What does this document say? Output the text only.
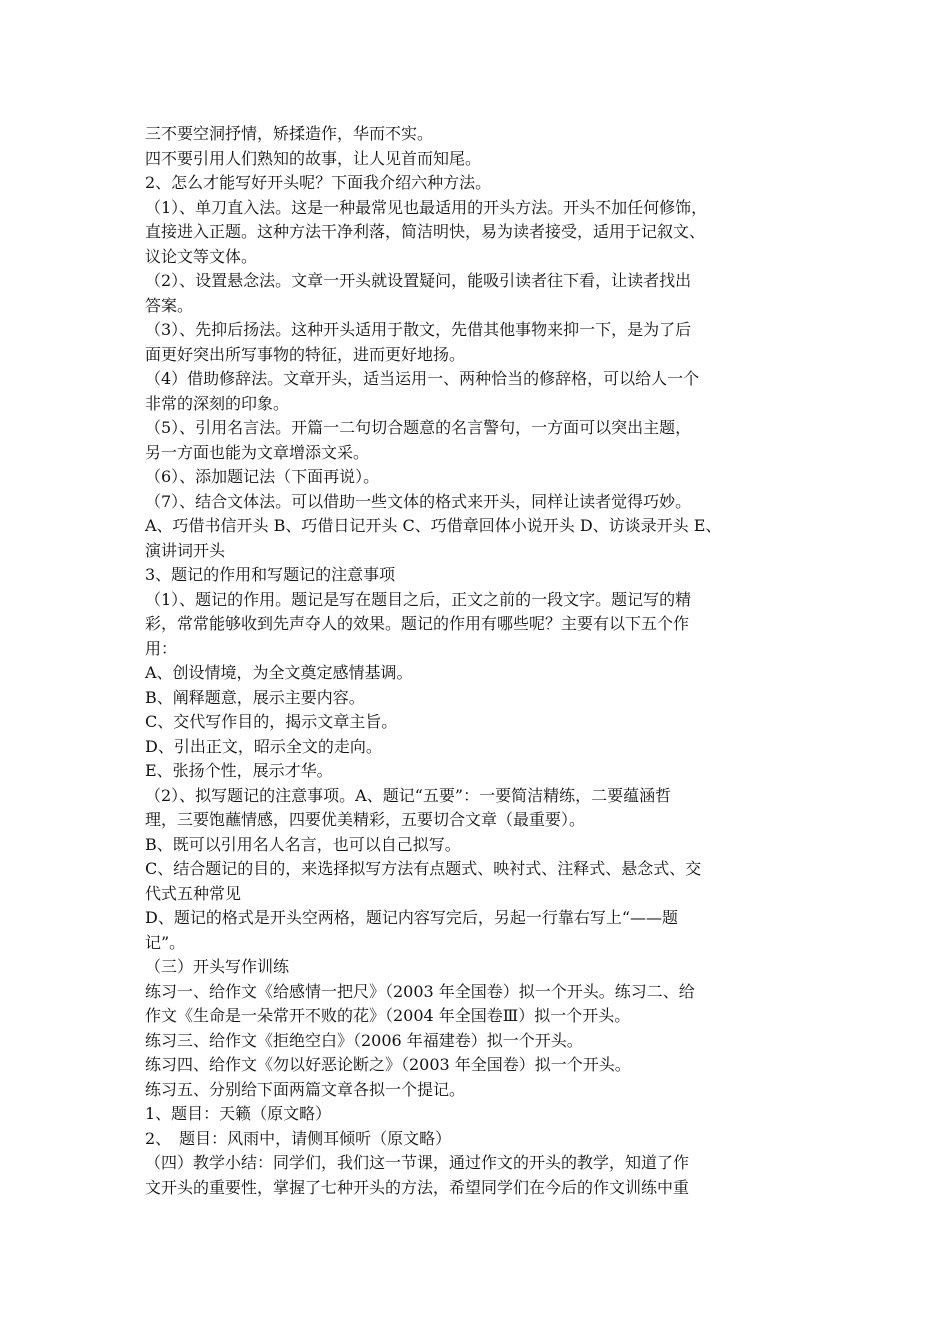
三不要空洞抒情，矫揉造作，华而不实。
四不要引用人们熟知的故事，让人见首而知尾。
2、怎么才能写好开头呢？下面我介绍六种方法。
（1）、单刀直入法。这是一种最常见也最适用的开头方法。开头不加任何修饰，
直接进入正题。这种方法干净利落，简洁明快，易为读者接受，适用于记叙文、
议论文等文体。
（2）、设置悬念法。文章一开头就设置疑问，能吸引读者往下看，让读者找出
答案。
（3）、先抑后扬法。这种开头适用于散文，先借其他事物来抑一下，是为了后
面更好突出所写事物的特征，进而更好地扬。
（4）借助修辞法。文章开头，适当运用一、两种恰当的修辞格，可以给人一个
非常的深刻的印象。
（5）、引用名言法。开篇一二句切合题意的名言警句，一方面可以突出主题，
另一方面也能为文章增添文采。
（6）、添加题记法（下面再说）。
（7）、结合文体法。可以借助一些文体的格式来开头，同样让读者觉得巧妙。
A、巧借书信开头 B、巧借日记开头 C、巧借章回体小说开头 D、访谈录开头 E、
演讲词开头
3、题记的作用和写题记的注意事项
（1）、题记的作用。题记是写在题目之后，正文之前的一段文字。题记写的精
彩，常常能够收到先声夺人的效果。题记的作用有哪些呢？主要有以下五个作
用：
A、创设情境，为全文奠定感情基调。
B、阐释题意，展示主要内容。
C、交代写作目的，揭示文章主旨。
D、引出正文，昭示全文的走向。
E、张扬个性，展示才华。
（2）、拟写题记的注意事项。A、题记“五要”：一要简洁精练，二要蕴涵哲
理，三要饱蘸情感，四要优美精彩，五要切合文章（最重要）。
B、既可以引用名人名言，也可以自己拟写。
C、结合题记的目的，来选择拟写方法有点题式、映衬式、注释式、悬念式、交
代式五种常见
D、题记的格式是开头空两格，题记内容写完后，另起一行靠右写上“——题
记”。
（三）开头写作训练
练习一、给作文《给感情一把尺》（2003 年全国卷）拟一个开头。练习二、给
作文《生命是一朵常开不败的花》（2004 年全国卷Ⅲ）拟一个开头。
练习三、给作文《拒绝空白》（2006 年福建卷）拟一个开头。
练习四、给作文《勿以好恶论断之》（2003 年全国卷）拟一个开头。
练习五、分别给下面两篇文章各拟一个提记。
1、题目：天籁（原文略）
2、　题目：风雨中，请侧耳倾听（原文略）
（四）教学小结：同学们，我们这一节课，通过作文的开头的教学，知道了作
文开头的重要性，掌握了七种开头的方法，希望同学们在今后的作文训练中重
